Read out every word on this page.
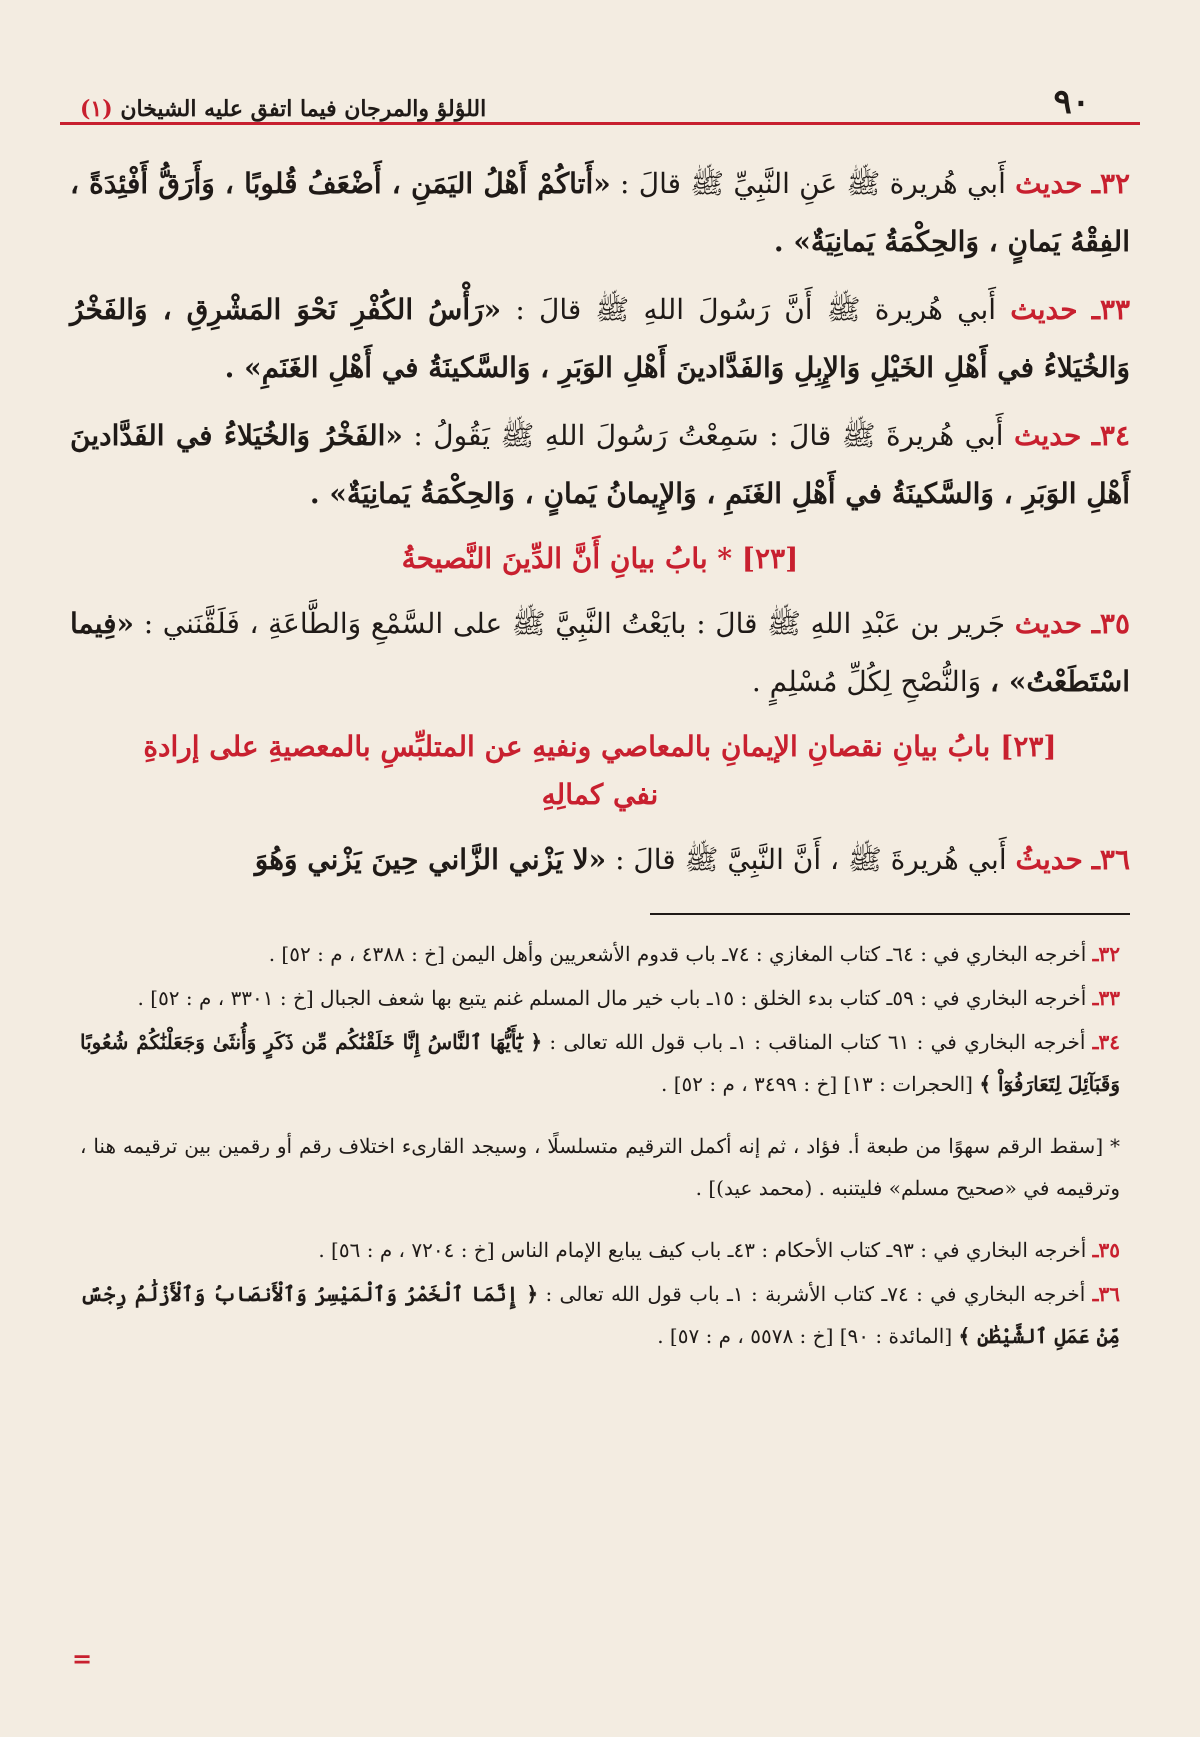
٩٠
اللؤلؤ والمرجان فيما اتفق عليه الشيخان (١)

٣٢ـ حديث أَبي هُريرة ﷺ عَنِ النَّبِيِّ ﷺ قالَ : «أَتاكُمْ أَهْلُ اليَمَنِ ، أَضْعَفُ قُلوبًا ، وَأَرَقُّ أَفْئِدَةً ، الفِقْهُ يَمانٍ ، وَالحِكْمَةُ يَمانِيَةٌ» .

٣٣ـ حديث أَبي هُريرة ﷺ أَنَّ رَسُولَ اللهِ ﷺ قالَ : «رَأْسُ الكُفْرِ نَحْوَ المَشْرِقِ ، وَالفَخْرُ وَالخُيَلاءُ في أَهْلِ الخَيْلِ وَالإِبِلِ وَالفَدَّادينَ أَهْلِ الوَبَرِ ، وَالسَّكينَةُ في أَهْلِ الغَنَمِ» .

٣٤ـ حديث أَبي هُريرةَ ﷺ قالَ : سَمِعْتُ رَسُولَ اللهِ ﷺ يَقُولُ : «الفَخْرُ وَالخُيَلاءُ في الفَدَّادينَ أَهْلِ الوَبَرِ ، وَالسَّكينَةُ في أَهْلِ الغَنَمِ ، وَالإِيمانُ يَمانٍ ، وَالحِكْمَةُ يَمانِيَةٌ» .

[٢٣] * بابُ بيانِ أَنَّ الدِّينَ النَّصيحةُ

٣٥ـ حديث جَرير بن عَبْدِ اللهِ ﷺ قالَ : بايَعْتُ النَّبِيَّ ﷺ على السَّمْعِ وَالطَّاعَةِ ، فَلَقَّنَني : «فِيما اسْتَطَعْتُ» ، وَالنُّصْحِ لِكُلِّ مُسْلِمٍ .

[٢٣] بابُ بيانِ نقصانِ الإيمانِ بالمعاصي ونفيهِ عن المتلبِّسِ بالمعصيةِ على إرادةِ نفي كمالِهِ

٣٦ـ حديثُ أَبي هُريرةَ ﷺ ، أَنَّ النَّبِيَّ ﷺ قالَ : «لا يَزْني الزَّاني حِينَ يَزْني وَهُوَ

٣٢ـ أخرجه البخاري في : ٦٤ـ كتاب المغازي : ٧٤ـ باب قدوم الأشعريين وأهل اليمن [خ : ٤٣٨٨ ، م : ٥٢] .

٣٣ـ أخرجه البخاري في : ٥٩ـ كتاب بدء الخلق : ١٥ـ باب خير مال المسلم غنم يتبع بها شعف الجبال [خ : ٣٣٠١ ، م : ٥٢] .

٣٤ـ أخرجه البخاري في : ٦١ كتاب المناقب : ١ـ باب قول الله تعالى : ﴿ يَٰٓأَيُّهَا ٱلنَّاسُ إِنَّا خَلَقْنَٰكُم مِّن ذَكَرٍ وَأُنثَىٰ وَجَعَلْنَٰكُمْ شُعُوبًا وَقَبَآئِلَ لِتَعَارَفُوٓاْ ﴾ [الحجرات : ١٣] [خ : ٣٤٩٩ ، م : ٥٢] .

* [سقط الرقم سهوًا من طبعة أ. فؤاد ، ثم إنه أكمل الترقيم متسلسلًا ، وسيجد القارىء اختلاف رقم أو رقمين بين ترقيمه هنا ، وترقيمه في «صحيح مسلم» فليتنبه . (محمد عيد)] .

٣٥ـ أخرجه البخاري في : ٩٣ـ كتاب الأحكام : ٤٣ـ باب كيف يبايع الإمام الناس [خ : ٧٢٠٤ ، م : ٥٦] .

٣٦ـ أخرجه البخاري في : ٧٤ـ كتاب الأشربة : ١ـ باب قول الله تعالى : ﴿ إِنَّمَا ٱلْخَمْرُ وَٱلْمَيْسِرُ وَٱلْأَنصَابُ وَٱلْأَزْلَٰمُ رِجْسٌ مِّنْ عَمَلِ ٱلشَّيْطَٰنِ ﴾ [المائدة : ٩٠] [خ : ٥٥٧٨ ، م : ٥٧] .

=
